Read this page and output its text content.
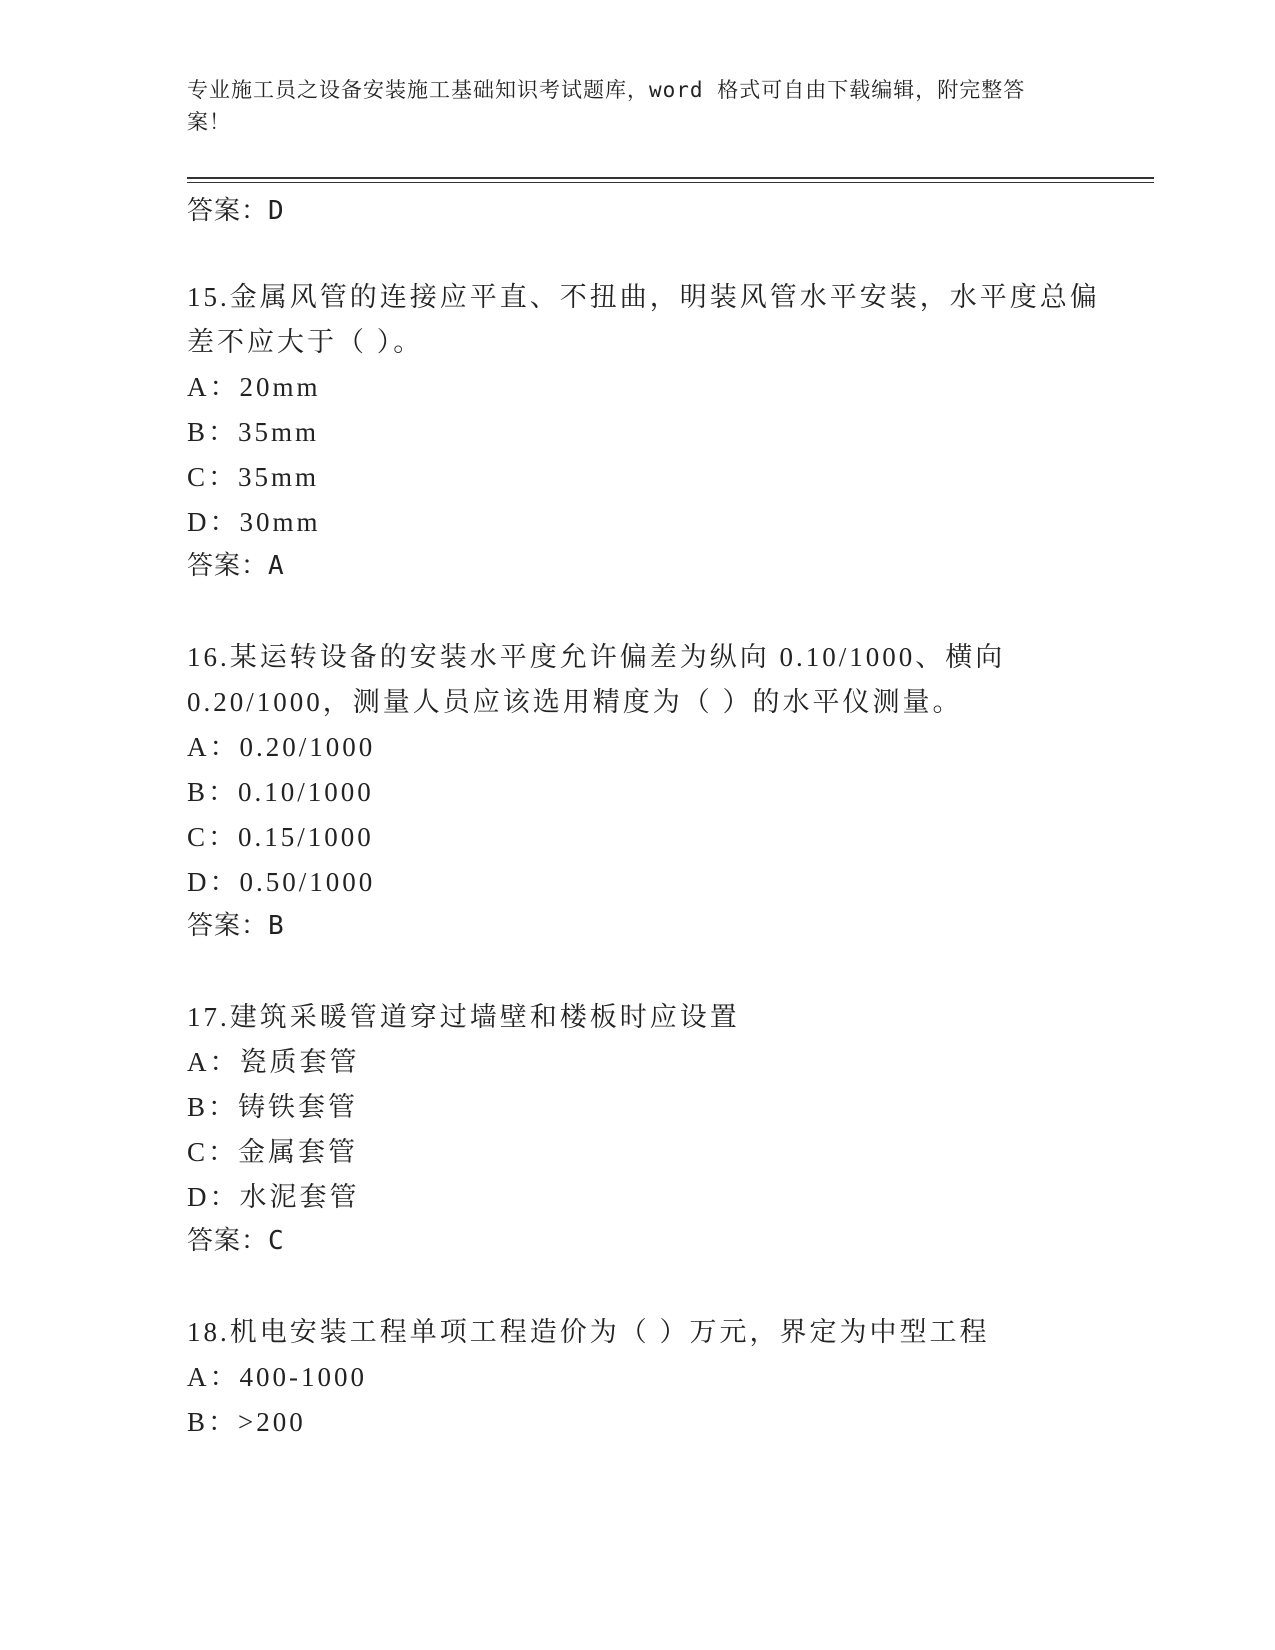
专业施工员之设备安装施工基础知识考试题库，word 格式可自由下载编辑，附完整答案！
答案：D
15.金属风管的连接应平直、不扭曲，明装风管水平安装，水平度总偏
差不应大于（ ）。
A：20mm
B：35mm
C：35mm
D：30mm
答案：A
16.某运转设备的安装水平度允许偏差为纵向 0.10/1000、横向
0.20/1000，测量人员应该选用精度为（ ）的水平仪测量。
A：0.20/1000
B：0.10/1000
C：0.15/1000
D：0.50/1000
答案：B
17.建筑采暖管道穿过墙壁和楼板时应设置
A：瓷质套管
B：铸铁套管
C：金属套管
D：水泥套管
答案：C
18.机电安装工程单项工程造价为（ ）万元，界定为中型工程
A：400-1000
B：>200
